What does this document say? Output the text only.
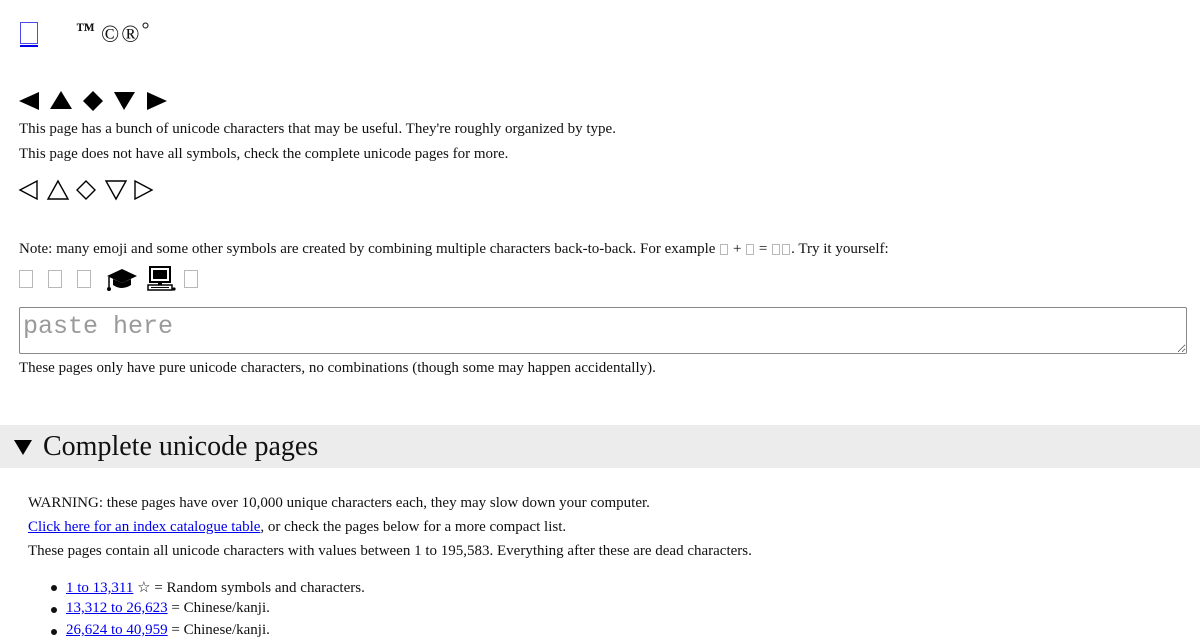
™ ©®°
This page has a bunch of unicode characters that may be useful. They're roughly organized by type.
This page does not have all symbols, check the complete unicode pages for more.
Note: many emoji and some other symbols are created by combining multiple characters back-to-back. For example + = . Try it yourself:
paste here
These pages only have pure unicode characters, no combinations (though some may happen accidentally).
Complete unicode pages
WARNING: these pages have over 10,000 unique characters each, they may slow down your computer.
Click here for an index catalogue table, or check the pages below for a more compact list.
These pages contain all unicode characters with values between 1 to 195,583. Everything after these are dead characters.
1 to 13,311 ☆ = Random symbols and characters.
13,312 to 26,623 = Chinese/kanji.
26,624 to 40,959 = Chinese/kanji.
